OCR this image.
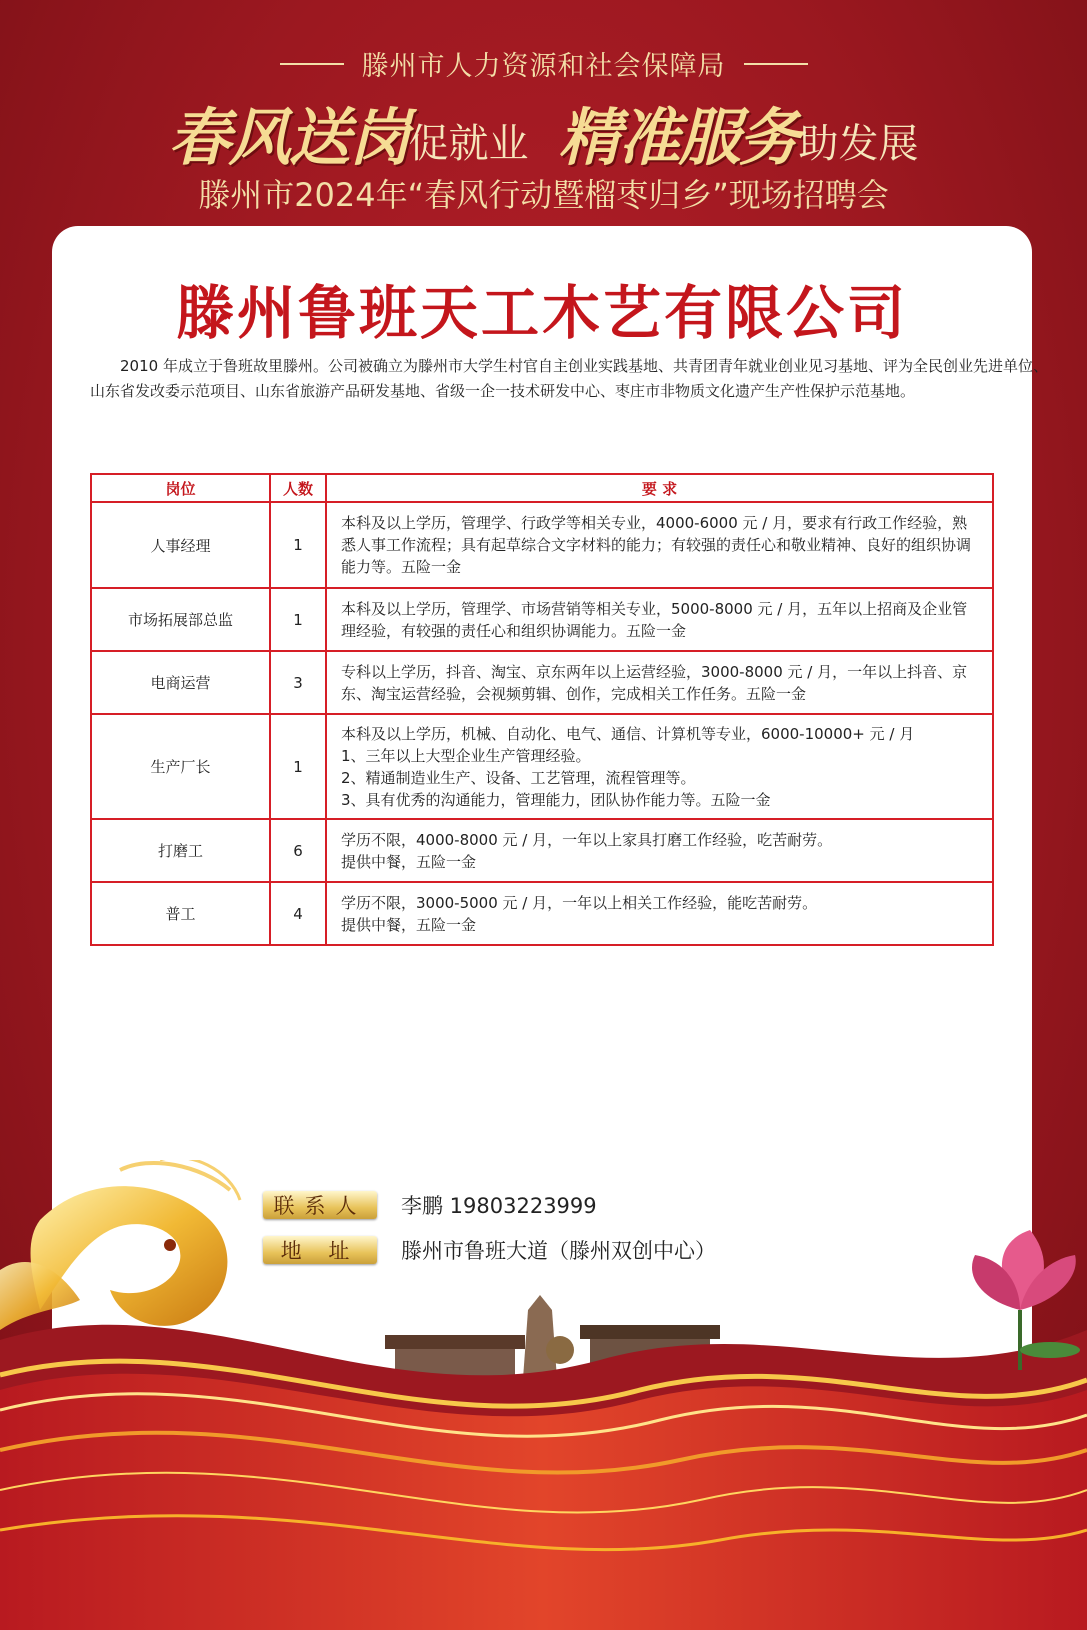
滕州市人力资源和社会保障局
春风送岗 促就业 精准服务 助发展
滕州市2024年“春风行动暨榴枣归乡”现场招聘会
滕州鲁班天工木艺有限公司
2010 年成立于鲁班故里滕州。公司被确立为滕州市大学生村官自主创业实践基地、共青团青年就业创业见习基地、评为全民创业先进单位、山东省发改委示范项目、山东省旅游产品研发基地、省级一企一技术研发中心、枣庄市非物质文化遗产生产性保护示范基地。
岗位	人数	要 求
人事经理	1	本科及以上学历，管理学、行政学等相关专业，4000-6000 元 / 月，要求有行政工作经验，熟悉人事工作流程；具有起草综合文字材料的能力；有较强的责任心和敬业精神、良好的组织协调能力等。五险一金

市场拓展部总监	1	本科及以上学历，管理学、市场营销等相关专业，5000-8000 元 / 月，五年以上招商及企业管理经验，有较强的责任心和组织协调能力。五险一金

电商运营	3	专科以上学历，抖音、淘宝、京东两年以上运营经验，3000-8000 元 / 月，一年以上抖音、京东、淘宝运营经验，会视频剪辑、创作，完成相关工作任务。五险一金

生产厂长	1	本科及以上学历，机械、自动化、电气、通信、计算机等专业，6000-10000+ 元 / 月
1、三年以上大型企业生产管理经验。
2、精通制造业生产、设备、工艺管理，流程管理等。
3、具有优秀的沟通能力，管理能力，团队协作能力等。五险一金

打磨工	6	学历不限，4000-8000 元 / 月，一年以上家具打磨工作经验，吃苦耐劳。
提供中餐，五险一金

普工	4	学历不限，3000-5000 元 / 月，一年以上相关工作经验，能吃苦耐劳。
提供中餐，五险一金
联系人	李鹏 19803223999
地 址	滕州市鲁班大道（滕州双创中心）
